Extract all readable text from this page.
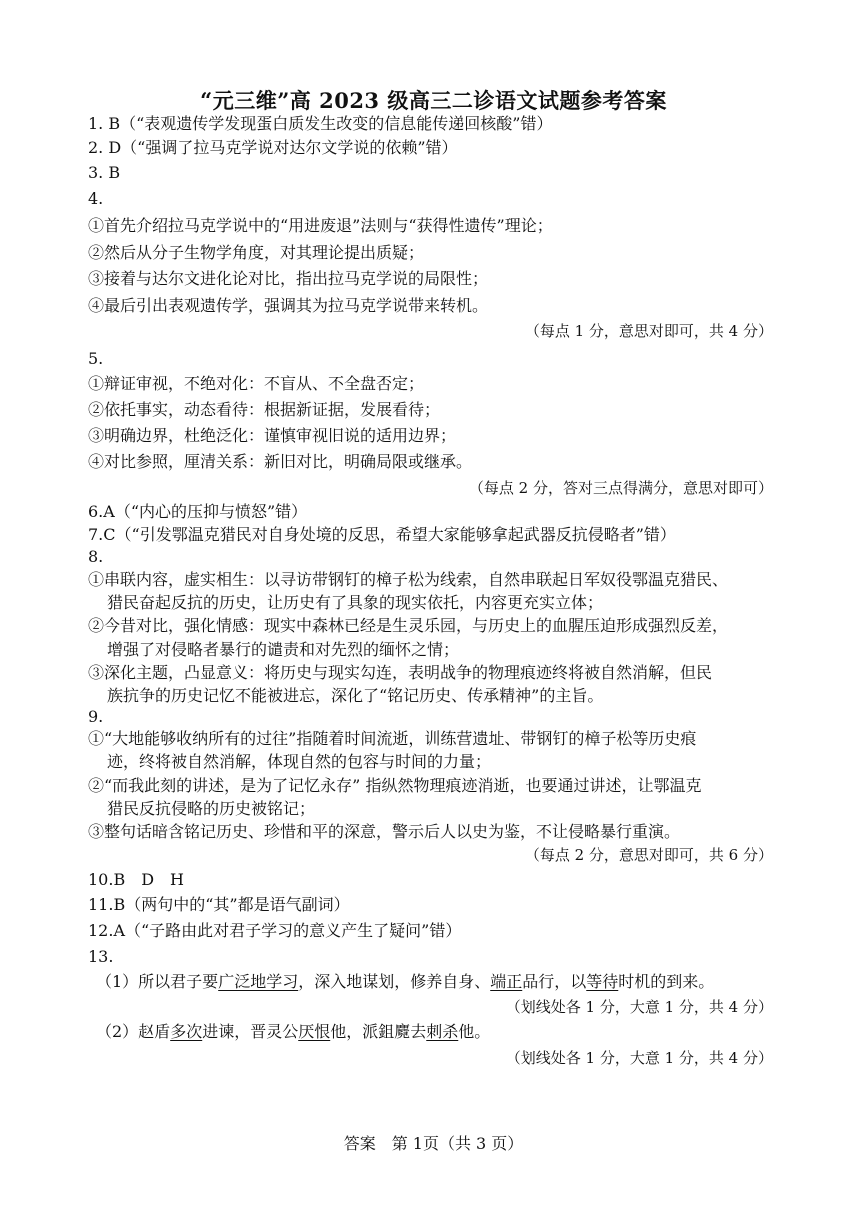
“元三维”高 2023 级高三二诊语文试题参考答案
1. B（“表观遗传学发现蛋白质发生改变的信息能传递回核酸”错）
2. D（“强调了拉马克学说对达尔文学说的依赖”错）
3. B
4.
①首先介绍拉马克学说中的“用进废退”法则与“获得性遗传”理论；
②然后从分子生物学角度，对其理论提出质疑；
③接着与达尔文进化论对比，指出拉马克学说的局限性；
④最后引出表观遗传学，强调其为拉马克学说带来转机。
（每点 1 分，意思对即可，共 4 分）
5.
①辩证审视，不绝对化：不盲从、不全盘否定；
②依托事实，动态看待：根据新证据，发展看待；
③明确边界，杜绝泛化：谨慎审视旧说的适用边界；
④对比参照，厘清关系：新旧对比，明确局限或继承。
（每点 2 分，答对三点得满分，意思对即可）
6.A（“内心的压抑与愤怒”错）
7.C（“引发鄂温克猎民对自身处境的反思，希望大家能够拿起武器反抗侵略者”错）
8.
①串联内容，虚实相生：以寻访带钢钉的樟子松为线索，自然串联起日军奴役鄂温克猎民、
猎民奋起反抗的历史，让历史有了具象的现实依托，内容更充实立体；
②今昔对比，强化情感：现实中森林已经是生灵乐园，与历史上的血腥压迫形成强烈反差，
增强了对侵略者暴行的谴责和对先烈的缅怀之情；
③深化主题，凸显意义：将历史与现实勾连，表明战争的物理痕迹终将被自然消解，但民
族抗争的历史记忆不能被进忘，深化了“铭记历史、传承精神”的主旨。
9.
①“大地能够收纳所有的过往”指随着时间流逝，训练营遗址、带钢钉的樟子松等历史痕
迹，终将被自然消解，体现自然的包容与时间的力量；
②“而我此刻的讲述，是为了记忆永存” 指纵然物理痕迹消逝，也要通过讲述，让鄂温克
猎民反抗侵略的历史被铭记；
③整句话暗含铭记历史、珍惜和平的深意，警示后人以史为鉴，不让侵略暴行重演。
（每点 2 分，意思对即可，共 6 分）
10.B　D　H
11.B（两句中的“其”都是语气副词）
12.A（“子路由此对君子学习的意义产生了疑问”错）
13.
（1）所以君子要广泛地学习，深入地谋划，修养自身、端正品行，以等待时机的到来。
（划线处各 1 分，大意 1 分，共 4 分）
（2）赵盾多次进谏，晋灵公厌恨他，派鉏麑去刺杀他。
（划线处各 1 分，大意 1 分，共 4 分）
答案　第 1页（共 3 页）
